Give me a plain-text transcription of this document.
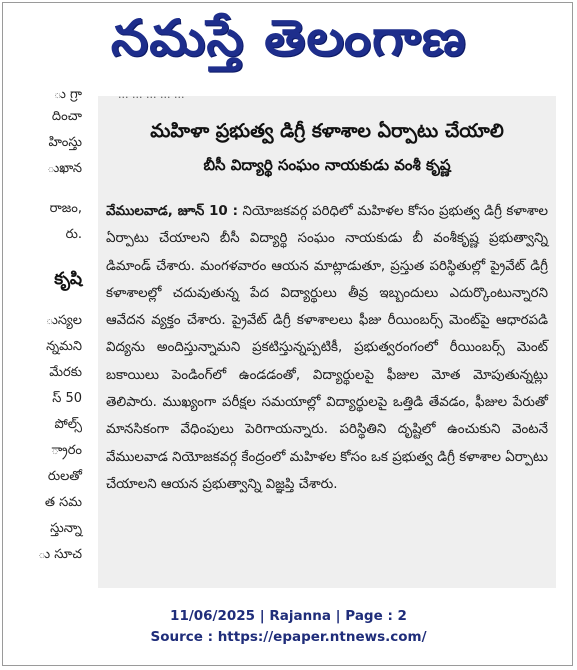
నమస్తే తెలంగాణ
ు గ్రా
దించా
హింస్తు
ుఖాన
రాజం,
రు.
కృషి
ుస్యల
న్నమని
మేరకు
స్ 50
పోల్స్
్రారం
రులతో
త సమ
స్తున్నా
ు సూచ
... ... ... ... ...
మహిళా ప్రభుత్వ డిగ్రీ కళాశాల ఏర్పాటు చేయాలి
బీసీ విద్యార్థి సంఘం నాయకుడు వంశీ కృష్ణ
వేములవాడ, జూన్ 10 : నియోజకవర్గ పరిధిలో మహిళల కోసం ప్రభుత్వ డిగ్రీ కళాశాల ఏర్పాటు చేయాలని బీసీ విద్యార్థి సంఘం నాయకుడు బీ వంశీకృష్ణ ప్రభుత్వాన్ని డిమాండ్ చేశారు. మంగళవారం ఆయన మాట్లాడుతూ, ప్రస్తుత పరిస్థితుల్లో ప్రైవేట్ డిగ్రీ కళాశాలల్లో చదువుతున్న పేద విద్యార్థులు తీవ్ర ఇబ్బందులు ఎదుర్కొంటున్నారని ఆవేదన వ్యక్తం చేశారు. ప్రైవేట్ డిగ్రీ కళాశాలలు ఫీజు రీయింబర్స్ మెంట్‌పై ఆధారపడి విద్యను అందిస్తున్నామని ప్రకటిస్తున్నప్పటికీ, ప్రభుత్వరంగంలో రీయింబర్స్ మెంట్ బకాయిలు పెండింగ్‌లో ఉండడంతో, విద్యార్థులపై ఫీజుల మోత మోపుతున్నట్లు తెలిపారు. ముఖ్యంగా పరీక్షల సమయాల్లో విద్యార్థులపై ఒత్తిడి తేవడం, ఫీజుల పేరుతో మానసికంగా వేధింపులు పెరిగాయన్నారు. పరిస్థితిని దృష్టిలో ఉంచుకుని వెంటనే వేములవాడ నియోజకవర్గ కేంద్రంలో మహిళల కోసం ఒక ప్రభుత్వ డిగ్రీ కళాశాల ఏర్పాటు చేయాలని ఆయన ప్రభుత్వాన్ని విజ్ఞప్తి చేశారు.
11/06/2025 | Rajanna | Page : 2
Source : https://epaper.ntnews.com/
